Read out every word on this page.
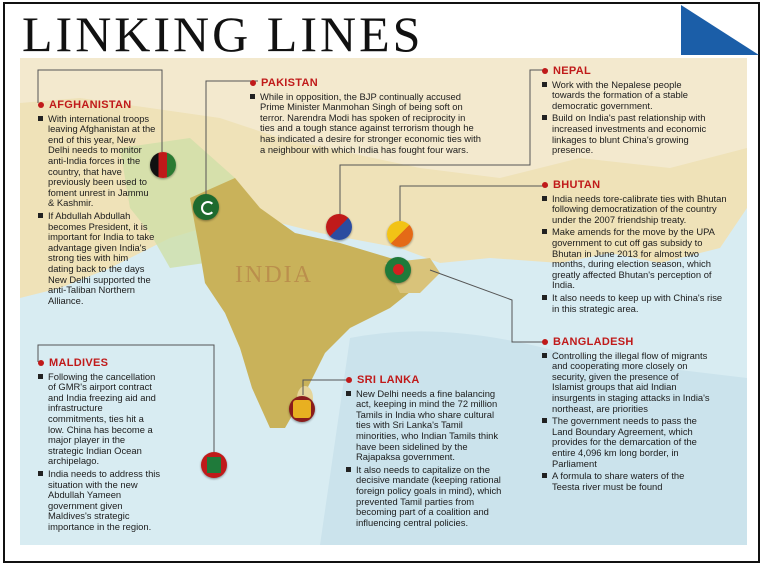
LINKING LINES
INDIA
AFGHANISTAN
With international troops leaving Afghanistan at the end of this year, New Delhi needs to monitor anti-India forces in the country, that have previously been used to foment unrest in Jammu & Kashmir.
If Abdullah Abdullah becomes President, it is important for India to take advantage given India's strong ties with him dating back to the days New Delhi supported the anti-Taliban Northern Alliance.
PAKISTAN
While in opposition, the BJP continually accused Prime Minister Manmohan Singh of being soft on terror. Narendra Modi has spoken of reciprocity in ties and a tough stance against terrorism though he has indicated a desire for stronger economic ties with a neighbour with which India has fought four wars.
NEPAL
Work with the Nepalese people towards the formation of a stable democratic government.
Build on India's past relationship with increased investments and economic linkages to blunt China's growing presence.
BHUTAN
India needs tore-calibrate ties with Bhutan following democratization of the country under the 2007 friendship treaty.
Make amends for the move by the UPA government to cut off gas subsidy to Bhutan in June 2013 for almost two months, during election season, which greatly affected Bhutan's perception of India.
It also needs to keep up with China's rise in this strategic area.
BANGLADESH
Controlling the illegal flow of migrants and cooperating more closely on security, given the presence of Islamist groups that aid Indian insurgents in staging attacks in India's northeast, are priorities
The government needs to pass the Land Boundary Agreement, which provides for the demarcation of the entire 4,096 km long border, in Parliament
A formula to share waters of the Teesta river must be found
SRI LANKA
New Delhi needs a fine balancing act, keeping in mind the 72 million Tamils in India who share cultural ties with Sri Lanka's Tamil minorities, who Indian Tamils think have been sidelined by the Rajapaksa government.
It also needs to capitalize on the decisive mandate (keeping rational foreign policy goals in mind), which prevented Tamil parties from becoming part of a coalition and influencing central policies.
MALDIVES
Following the cancellation of GMR's airport contract and India freezing aid and infrastructure commitments, ties hit a low. China has become a major player in the strategic Indian Ocean archipelago.
India needs to address this situation with the new Abdullah Yameen government given Maldives's strategic importance in the region.
